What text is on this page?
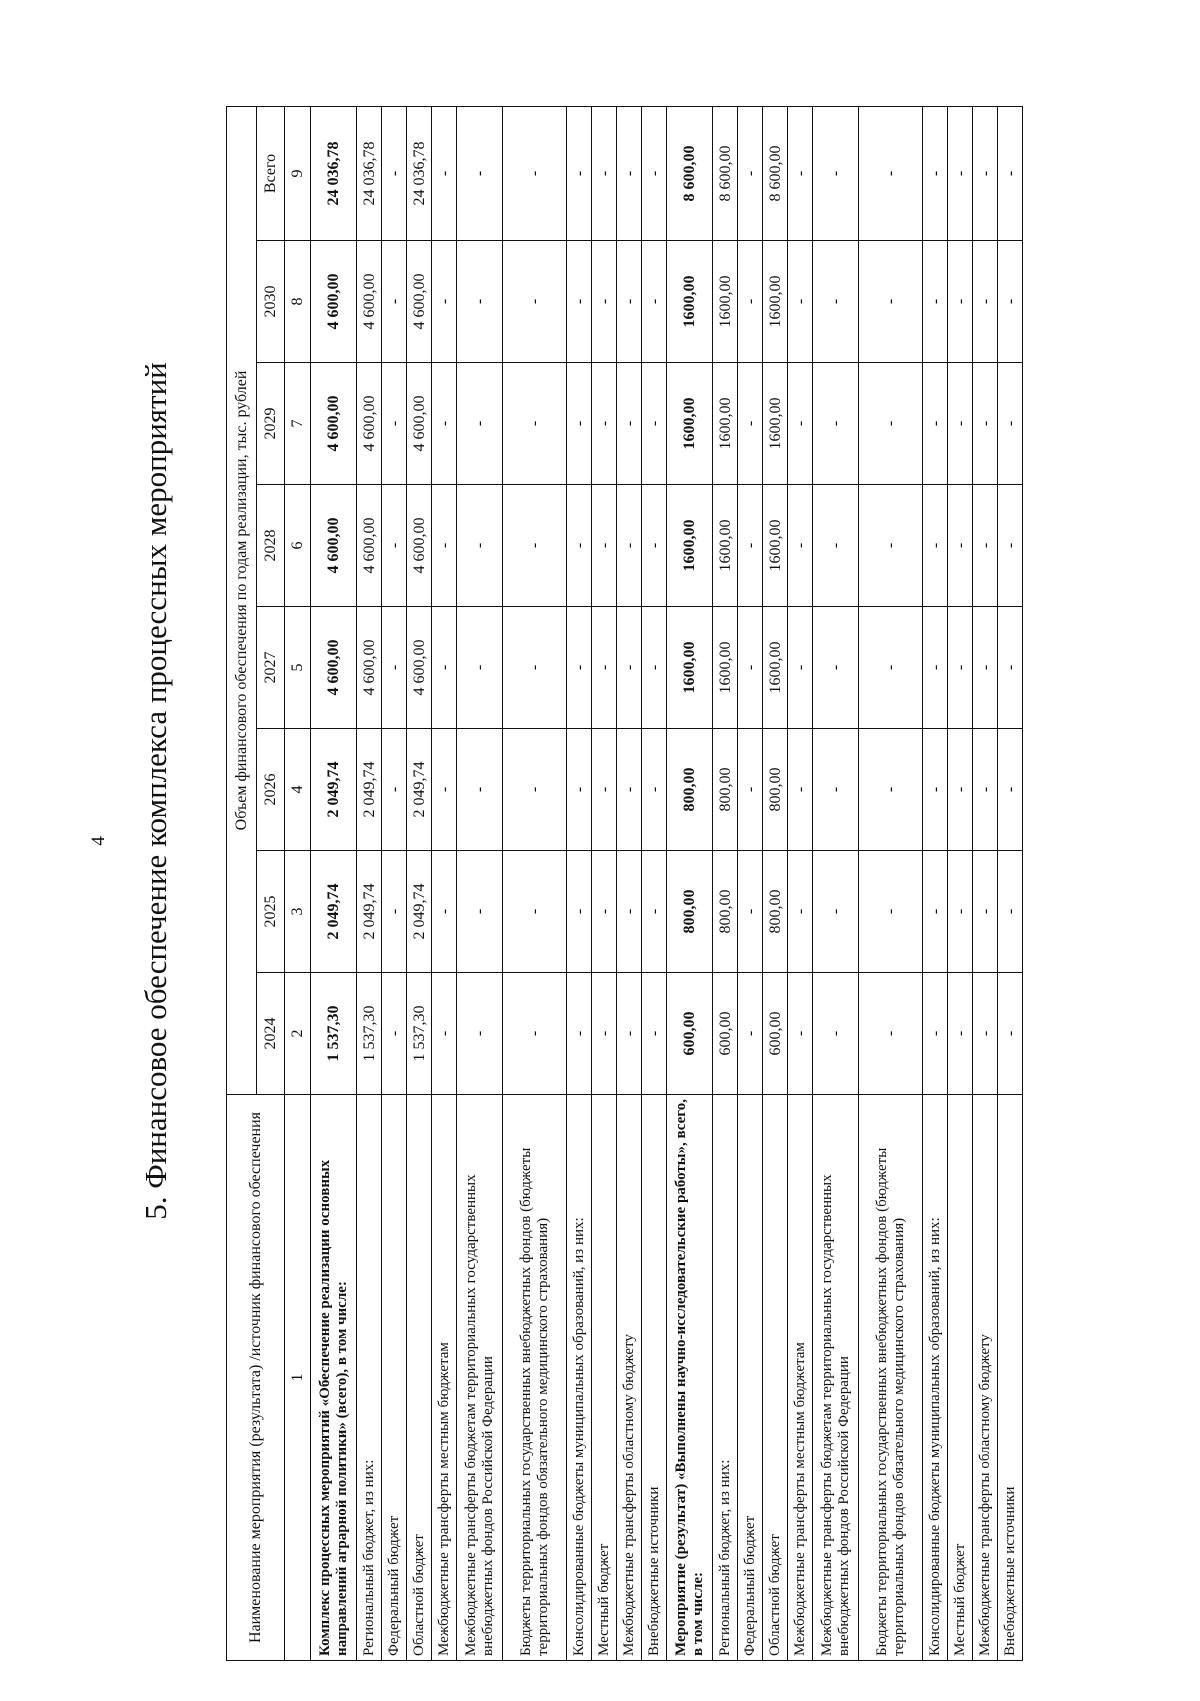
4 5. Финансовое обеспечение комплекса процессных мероприятий
Наименование мероприятия (результата) /источник финансового обеспечения	Объем финансового обеспечения по годам реализации, тыс. рублей							
	2024	2025	2026	2027	2028	2029	2030	Всего
1	2	3	4	5	6	7	8	9
Комплекс процессных мероприятий «Обеспечение реализации основных направлений аграрной политики» (всего), в том числе:	1 537,30	2 049,74	2 049,74	4 600,00	4 600,00	4 600,00	4 600,00	24 036,78
Региональный бюджет, из них:	1 537,30	2 049,74	2 049,74	4 600,00	4 600,00	4 600,00	4 600,00	24 036,78
Федеральный бюджет	-	-	-	-	-	-	-	-
Областной бюджет	1 537,30	2 049,74	2 049,74	4 600,00	4 600,00	4 600,00	4 600,00	24 036,78
Межбюджетные трансферты местным бюджетам	-	-	-	-	-	-	-	-
Межбюджетные трансферты бюджетам территориальных государственных внебюджетных фондов Российской Федерации	-	-	-	-	-	-	-	-
Бюджеты территориальных государственных внебюджетных фондов (бюджеты территориальных фондов обязательного медицинского страхования)	-	-	-	-	-	-	-	-
Консолидированные бюджеты муниципальных образований, из них:	-	-	-	-	-	-	-	-
Местный бюджет	-	-	-	-	-	-	-	-
Межбюджетные трансферты областному бюджету	-	-	-	-	-	-	-	-
Внебюджетные источники	-	-	-	-	-	-	-	-
Мероприятие (результат) «Выполнены научно-исследовательские работы», всего, в том числе:	600,00	800,00	800,00	1600,00	1600,00	1600,00	1600,00	8 600,00
Региональный бюджет, из них:	600,00	800,00	800,00	1600,00	1600,00	1600,00	1600,00	8 600,00
Федеральный бюджет	-	-	-	-	-	-	-	-
Областной бюджет	600,00	800,00	800,00	1600,00	1600,00	1600,00	1600,00	8 600,00
Межбюджетные трансферты местным бюджетам	-	-	-	-	-	-	-	-
Межбюджетные трансферты бюджетам территориальных государственных внебюджетных фондов Российской Федерации	-	-	-	-	-	-	-	-
Бюджеты территориальных государственных внебюджетных фондов (бюджеты территориальных фондов обязательного медицинского страхования)	-	-	-	-	-	-	-	-
Консолидированные бюджеты муниципальных образований, из них:	-	-	-	-	-	-	-	-
Местный бюджет	-	-	-	-	-	-	-	-
Межбюджетные трансферты областному бюджету	-	-	-	-	-	-	-	-
Внебюджетные источники	-	-	-	-	-	-	-	-
